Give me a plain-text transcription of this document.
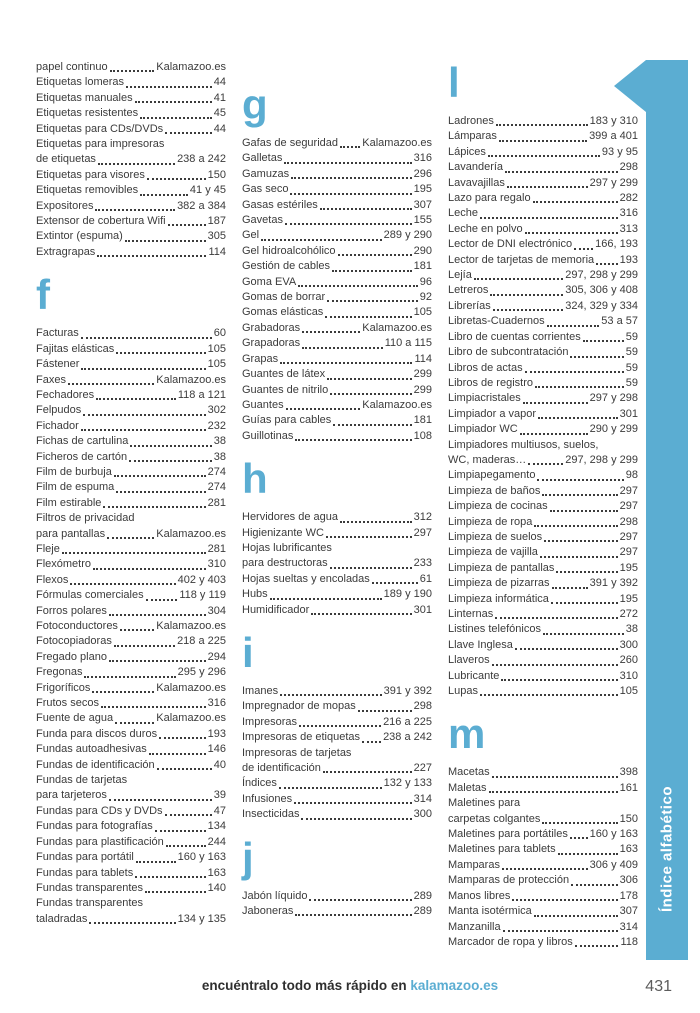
papel continuo	Kalamazoo.es
Etiquetas lomeras	44
Etiquetas manuales	41
Etiquetas resistentes	45
Etiquetas para CDs/DVDs	44
Etiquetas para impresoras
de etiquetas	238 a 242
Etiquetas para visores	150
Etiquetas removibles	41 y 45
Expositores	382 a 384
Extensor de cobertura Wifi	187
Extintor (espuma)	305
Extragrapas	114
f
Facturas	60
Fajitas elásticas	105
Fástener	105
Faxes	Kalamazoo.es
Fechadores	118 a 121
Felpudos	302
Fichador	232
Fichas de cartulina	38
Ficheros de cartón	38
Film de burbuja	274
Film de espuma	274
Film estirable	281
Filtros de privacidad
para pantallas	Kalamazoo.es
Fleje	281
Flexómetro	310
Flexos	402 y 403
Fórmulas comerciales	118 y 119
Forros polares	304
Fotoconductores	Kalamazoo.es
Fotocopiadoras	218 a 225
Fregado plano	294
Fregonas	295 y 296
Frigoríficos	Kalamazoo.es
Frutos secos	316
Fuente de agua	Kalamazoo.es
Funda para discos duros	193
Fundas autoadhesivas	146
Fundas de identificación	40
Fundas de tarjetas
para tarjeteros	39
Fundas para CDs y DVDs	47
Fundas para fotografías	134
Fundas para plastificación	244
Fundas para portátil	160 y 163
Fundas para tablets	163
Fundas transparentes	140
Fundas transparentes
taladradas	134 y 135
g
Gafas de seguridad Kalamazoo.es
Galletas	316
Gamuzas	296
Gas seco	195
Gasas estériles	307
Gavetas	155
Gel	289 y 290
Gel hidroalcohólico	290
Gestión de cables	181
Goma EVA	96
Gomas de borrar	92
Gomas elásticas	105
Grabadoras	Kalamazoo.es
Grapadoras	110 a 115
Grapas	114
Guantes de látex	299
Guantes de nitrilo	299
Guantes	Kalamazoo.es
Guías para cables	181
Guillotinas	108
h
Hervidores de agua	312
Higienizante WC	297
Hojas lubrificantes
para destructoras	233
Hojas sueltas y encoladas	61
Hubs	189 y 190
Humidificador	301
i
Imanes	391 y 392
Impregnador de mopas	298
Impresoras	216 a 225
Impresoras de etiquetas 238 a 242
Impresoras de tarjetas
de identificación	227
Índices	132 y 133
Infusiones	314
Insecticidas	300
j
Jabón líquido	289
Jaboneras	289
l
Ladrones	183 y 310
Lámparas	399 a 401
Lápices	93 y 95
Lavandería	298
Lavavajillas	297 y 299
Lazo para regalo	282
Leche	316
Leche en polvo	313
Lector de DNI electrónico 166, 193
Lector de tarjetas de memoria 193
Lejía	297, 298 y 299
Letreros	305, 306 y 408
Librerías	324, 329 y 334
Libretas-Cuadernos	53 a 57
Libro de cuentas corrientes	59
Libro de subcontratación	59
Libros de actas	59
Libros de registro	59
Limpiacristales	297 y 298
Limpiador a vapor	301
Limpiador WC	290 y 299
Limpiadores multiusos, suelos,
WC, maderas…	297, 298 y 299
Limpiapegamento	98
Limpieza de baños	297
Limpieza de cocinas	297
Limpieza de ropa	298
Limpieza de suelos	297
Limpieza de vajilla	297
Limpieza de pantallas	195
Limpieza de pizarras	391 y 392
Limpieza informática	195
Linternas	272
Listines telefónicos	38
Llave Inglesa	300
Llaveros	260
Lubricante	310
Lupas	105
m
Macetas	398
Maletas	161
Maletines para
carpetas colgantes	150
Maletines para portátiles 160 y 163
Maletines para tablets	163
Mamparas	306 y 409
Mamparas de protección	306
Manos libres	178
Manta isotérmica	307
Manzanilla	314
Marcador de ropa y libros	118
Índice alfabético
encuéntralo todo más rápido en kalamazoo.es	431
